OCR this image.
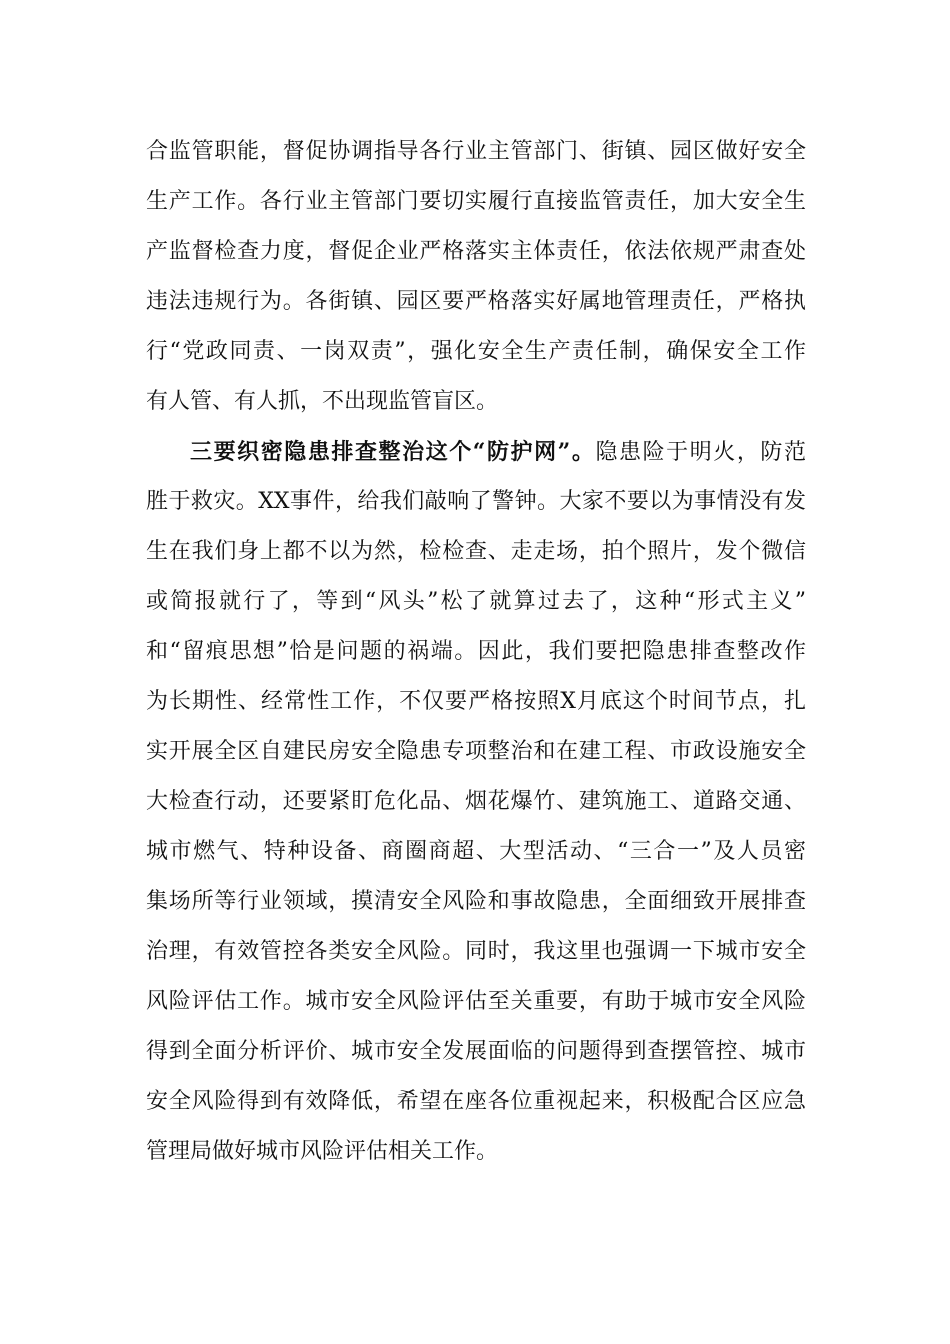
合监管职能，督促协调指导各行业主管部门、街镇、园区做好安全
生产工作。各行业主管部门要切实履行直接监管责任，加大安全生
产监督检查力度，督促企业严格落实主体责任，依法依规严肃查处
违法违规行为。各街镇、园区要严格落实好属地管理责任，严格执
行“党政同责、一岗双责”，强化安全生产责任制，确保安全工作
有人管、有人抓，不出现监管盲区。
三要织密隐患排查整治这个“防护网”。隐患险于明火，防范
胜于救灾。XX事件，给我们敲响了警钟。大家不要以为事情没有发
生在我们身上都不以为然，检检查、走走场，拍个照片，发个微信
或简报就行了，等到“风头”松了就算过去了，这种“形式主义”
和“留痕思想”恰是问题的祸端。因此，我们要把隐患排查整改作
为长期性、经常性工作，不仅要严格按照X月底这个时间节点，扎
实开展全区自建民房安全隐患专项整治和在建工程、市政设施安全
大检查行动，还要紧盯危化品、烟花爆竹、建筑施工、道路交通、
城市燃气、特种设备、商圈商超、大型活动、“三合一”及人员密
集场所等行业领域，摸清安全风险和事故隐患，全面细致开展排查
治理，有效管控各类安全风险。同时，我这里也强调一下城市安全
风险评估工作。城市安全风险评估至关重要，有助于城市安全风险
得到全面分析评价、城市安全发展面临的问题得到查摆管控、城市
安全风险得到有效降低，希望在座各位重视起来，积极配合区应急
管理局做好城市风险评估相关工作。
